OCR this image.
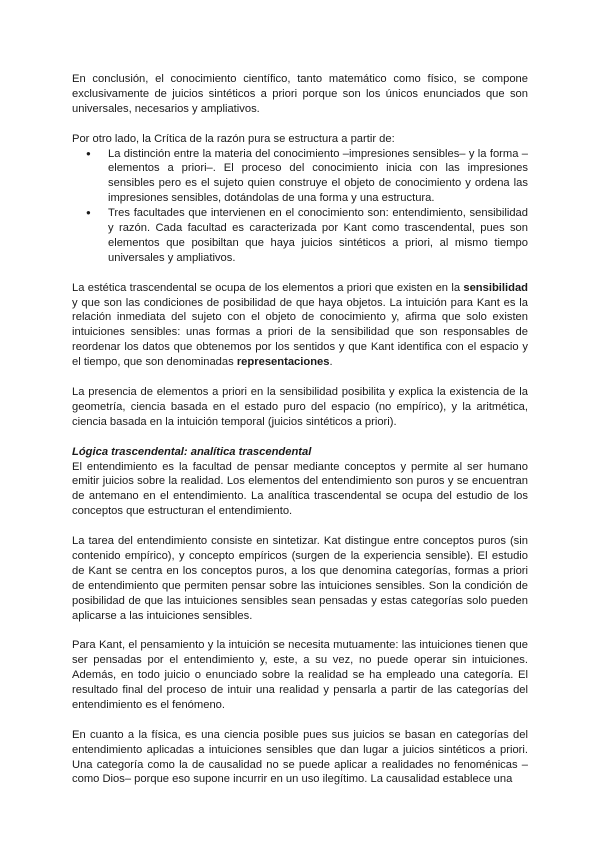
En conclusión, el conocimiento científico, tanto matemático como físico, se compone exclusivamente de juicios sintéticos a priori porque son los únicos enunciados que son universales, necesarios y ampliativos.

Por otro lado, la Crítica de la razón pura se estructura a partir de:

● La distinción entre la materia del conocimiento –impresiones sensibles– y la forma –elementos a priori–. El proceso del conocimiento inicia con las impresiones sensibles pero es el sujeto quien construye el objeto de conocimiento y ordena las impresiones sensibles, dotándolas de una forma y una estructura.
● Tres facultades que intervienen en el conocimiento son: entendimiento, sensibilidad y razón. Cada facultad es caracterizada por Kant como trascendental, pues son elementos que posibiltan que haya juicios sintéticos a priori, al mismo tiempo universales y ampliativos.

La estética trascendental se ocupa de los elementos a priori que existen en la sensibilidad y que son las condiciones de posibilidad de que haya objetos. La intuición para Kant es la relación inmediata del sujeto con el objeto de conocimiento y, afirma que solo existen intuiciones sensibles: unas formas a priori de la sensibilidad que son responsables de reordenar los datos que obtenemos por los sentidos y que Kant identifica con el espacio y el tiempo, que son denominadas representaciones.

La presencia de elementos a priori en la sensibilidad posibilita y explica la existencia de la geometría, ciencia basada en el estado puro del espacio (no empírico), y la aritmética, ciencia basada en la intuición temporal (juicios sintéticos a priori).

Lógica trascendental: analítica trascendental

El entendimiento es la facultad de pensar mediante conceptos y permite al ser humano emitir juicios sobre la realidad. Los elementos del entendimiento son puros y se encuentran de antemano en el entendimiento. La analítica trascendental se ocupa del estudio de los conceptos que estructuran el entendimiento.

La tarea del entendimiento consiste en sintetizar. Kat distingue entre conceptos puros (sin contenido empírico), y concepto empíricos (surgen de la experiencia sensible). El estudio de Kant se centra en los conceptos puros, a los que denomina categorías, formas a priori de entendimiento que permiten pensar sobre las intuiciones sensibles. Son la condición de posibilidad de que las intuiciones sensibles sean pensadas y estas categorías solo pueden aplicarse a las intuiciones sensibles.

Para Kant, el pensamiento y la intuición se necesita mutuamente: las intuiciones tienen que ser pensadas por el entendimiento y, este, a su vez, no puede operar sin intuiciones. Además, en todo juicio o enunciado sobre la realidad se ha empleado una categoría. El resultado final del proceso de intuir una realidad y pensarla a partir de las categorías del entendimiento es el fenómeno.

En cuanto a la física, es una ciencia posible pues sus juicios se basan en categorías del entendimiento aplicadas a intuiciones sensibles que dan lugar a juicios sintéticos a priori. Una categoría como la de causalidad no se puede aplicar a realidades no fenoménicas –como Dios– porque eso supone incurrir en un uso ilegítimo. La causalidad establece una
